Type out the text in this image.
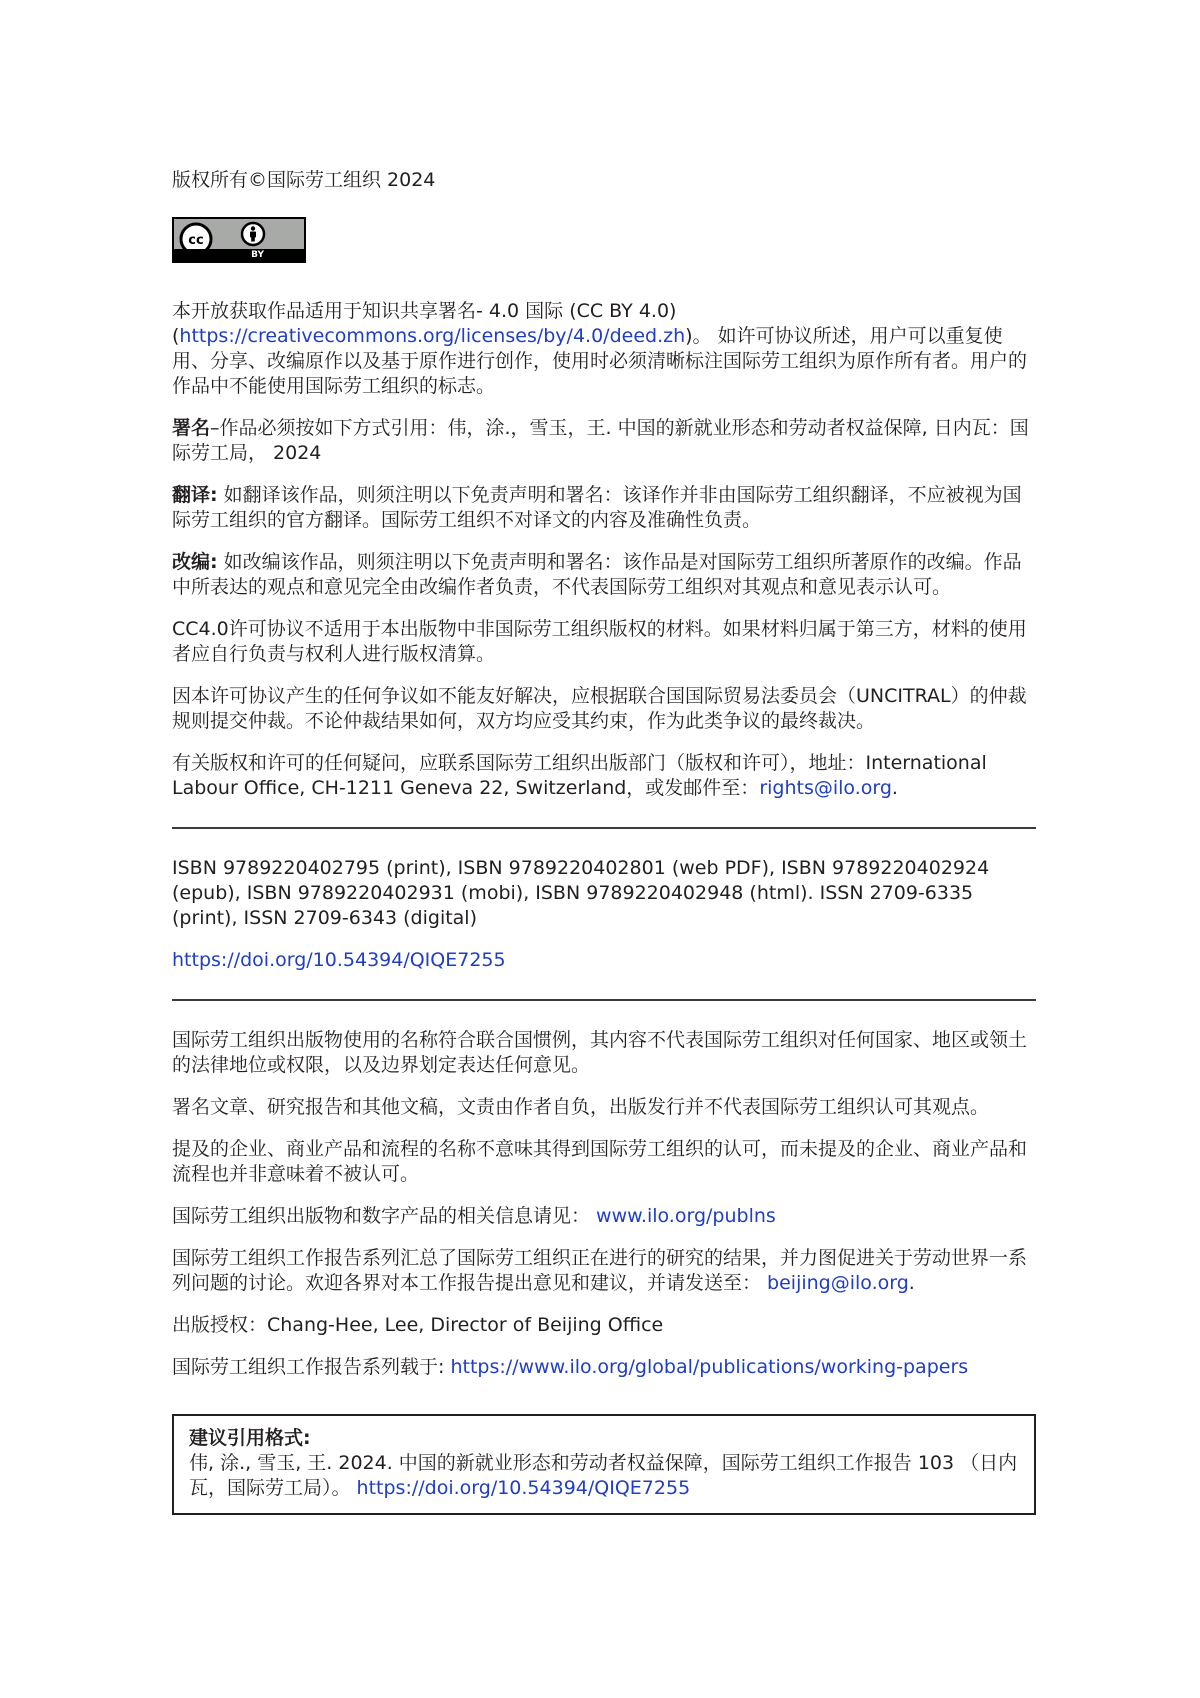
版权所有©国际劳工组织 2024

cc
BY

本开放获取作品适用于知识共享署名- 4.0 国际 (CC BY 4.0) (https://creativecommons.org/licenses/by/4.0/deed.zh)。 如许可协议所述，用户可以重复使用、分享、改编原作以及基于原作进行创作，使用时必须清晰标注国际劳工组织为原作所有者。用户的作品中不能使用国际劳工组织的标志。

署名–作品必须按如下方式引用：伟，涂.，雪玉，王. 中国的新就业形态和劳动者权益保障, 日内瓦：国际劳工局， 2024

翻译: 如翻译该作品，则须注明以下免责声明和署名：该译作并非由国际劳工组织翻译，不应被视为国际劳工组织的官方翻译。国际劳工组织不对译文的内容及准确性负责。

改编: 如改编该作品，则须注明以下免责声明和署名：该作品是对国际劳工组织所著原作的改编。作品中所表达的观点和意见完全由改编作者负责，不代表国际劳工组织对其观点和意见表示认可。

CC4.0许可协议不适用于本出版物中非国际劳工组织版权的材料。如果材料归属于第三方，材料的使用者应自行负责与权利人进行版权清算。

因本许可协议产生的任何争议如不能友好解决，应根据联合国国际贸易法委员会（UNCITRAL）的仲裁规则提交仲裁。不论仲裁结果如何，双方均应受其约束，作为此类争议的最终裁决。

有关版权和许可的任何疑问，应联系国际劳工组织出版部门（版权和许可），地址：International Labour Office, CH-1211 Geneva 22, Switzerland，或发邮件至：rights@ilo.org.

ISBN 9789220402795 (print), ISBN 9789220402801 (web PDF), ISBN 9789220402924 (epub), ISBN 9789220402931 (mobi), ISBN 9789220402948 (html). ISSN 2709-6335 (print), ISSN 2709-6343 (digital)

https://doi.org/10.54394/QIQE7255

国际劳工组织出版物使用的名称符合联合国惯例，其内容不代表国际劳工组织对任何国家、地区或领土的法律地位或权限，以及边界划定表达任何意见。

署名文章、研究报告和其他文稿，文责由作者自负，出版发行并不代表国际劳工组织认可其观点。

提及的企业、商业产品和流程的名称不意味其得到国际劳工组织的认可，而未提及的企业、商业产品和流程也并非意味着不被认可。

国际劳工组织出版物和数字产品的相关信息请见： www.ilo.org/publns

国际劳工组织工作报告系列汇总了国际劳工组织正在进行的研究的结果，并力图促进关于劳动世界一系列问题的讨论。欢迎各界对本工作报告提出意见和建议，并请发送至： beijing@ilo.org.

出版授权：Chang-Hee, Lee, Director of Beijing Office

国际劳工组织工作报告系列载于: https://www.ilo.org/global/publications/working-papers

建议引用格式:

伟, 涂., 雪玉, 王. 2024. 中国的新就业形态和劳动者权益保障，国际劳工组织工作报告 103 （日内瓦，国际劳工局）。 https://doi.org/10.54394/QIQE7255
